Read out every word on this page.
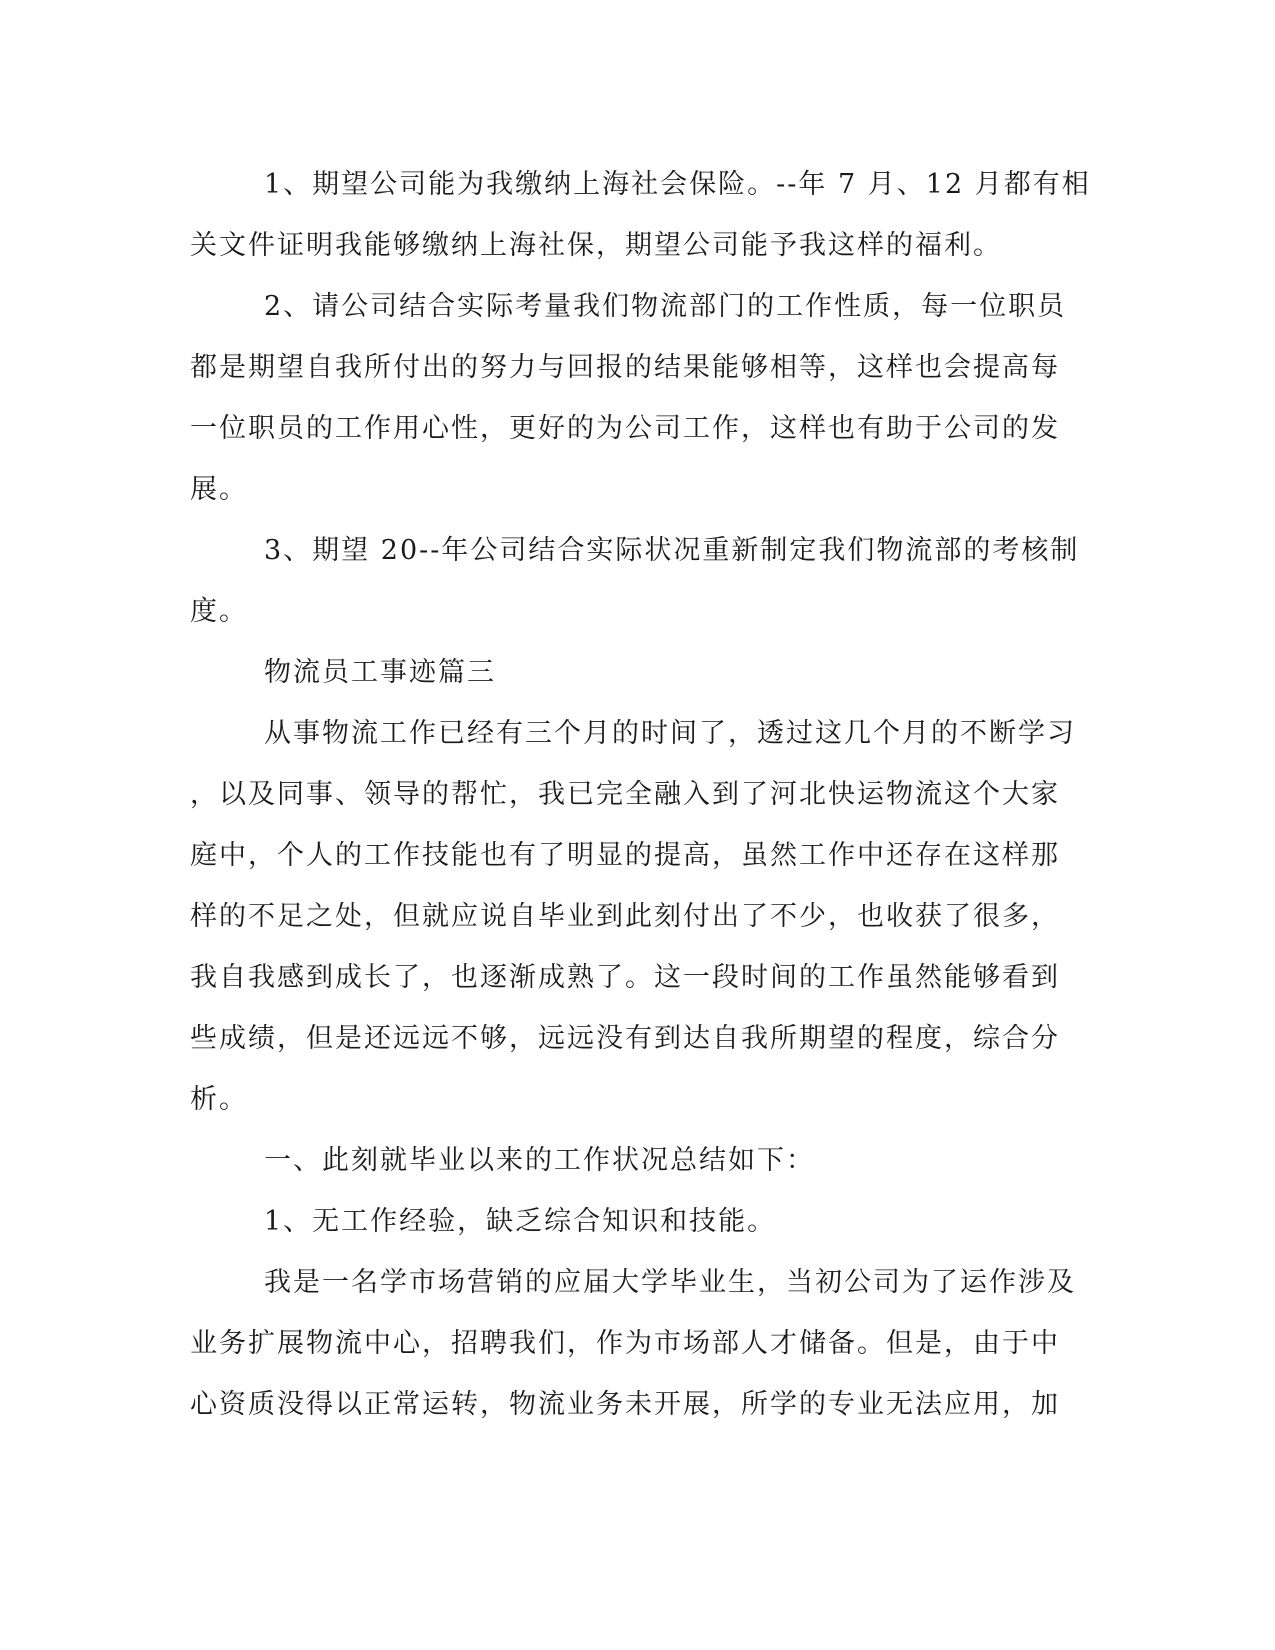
1、期望公司能为我缴纳上海社会保险。--年 7 月、12 月都有相
关文件证明我能够缴纳上海社保，期望公司能予我这样的福利。
2、请公司结合实际考量我们物流部门的工作性质，每一位职员
都是期望自我所付出的努力与回报的结果能够相等，这样也会提高每
一位职员的工作用心性，更好的为公司工作，这样也有助于公司的发
展。
3、期望 20--年公司结合实际状况重新制定我们物流部的考核制
度。
物流员工事迹篇三
从事物流工作已经有三个月的时间了，透过这几个月的不断学习
，以及同事、领导的帮忙，我已完全融入到了河北快运物流这个大家
庭中，个人的工作技能也有了明显的提高，虽然工作中还存在这样那
样的不足之处，但就应说自毕业到此刻付出了不少，也收获了很多，
我自我感到成长了，也逐渐成熟了。这一段时间的工作虽然能够看到
些成绩，但是还远远不够，远远没有到达自我所期望的程度，综合分
析。
一、此刻就毕业以来的工作状况总结如下：
1、无工作经验，缺乏综合知识和技能。
我是一名学市场营销的应届大学毕业生，当初公司为了运作涉及
业务扩展物流中心，招聘我们，作为市场部人才储备。但是，由于中
心资质没得以正常运转，物流业务未开展，所学的专业无法应用，加
